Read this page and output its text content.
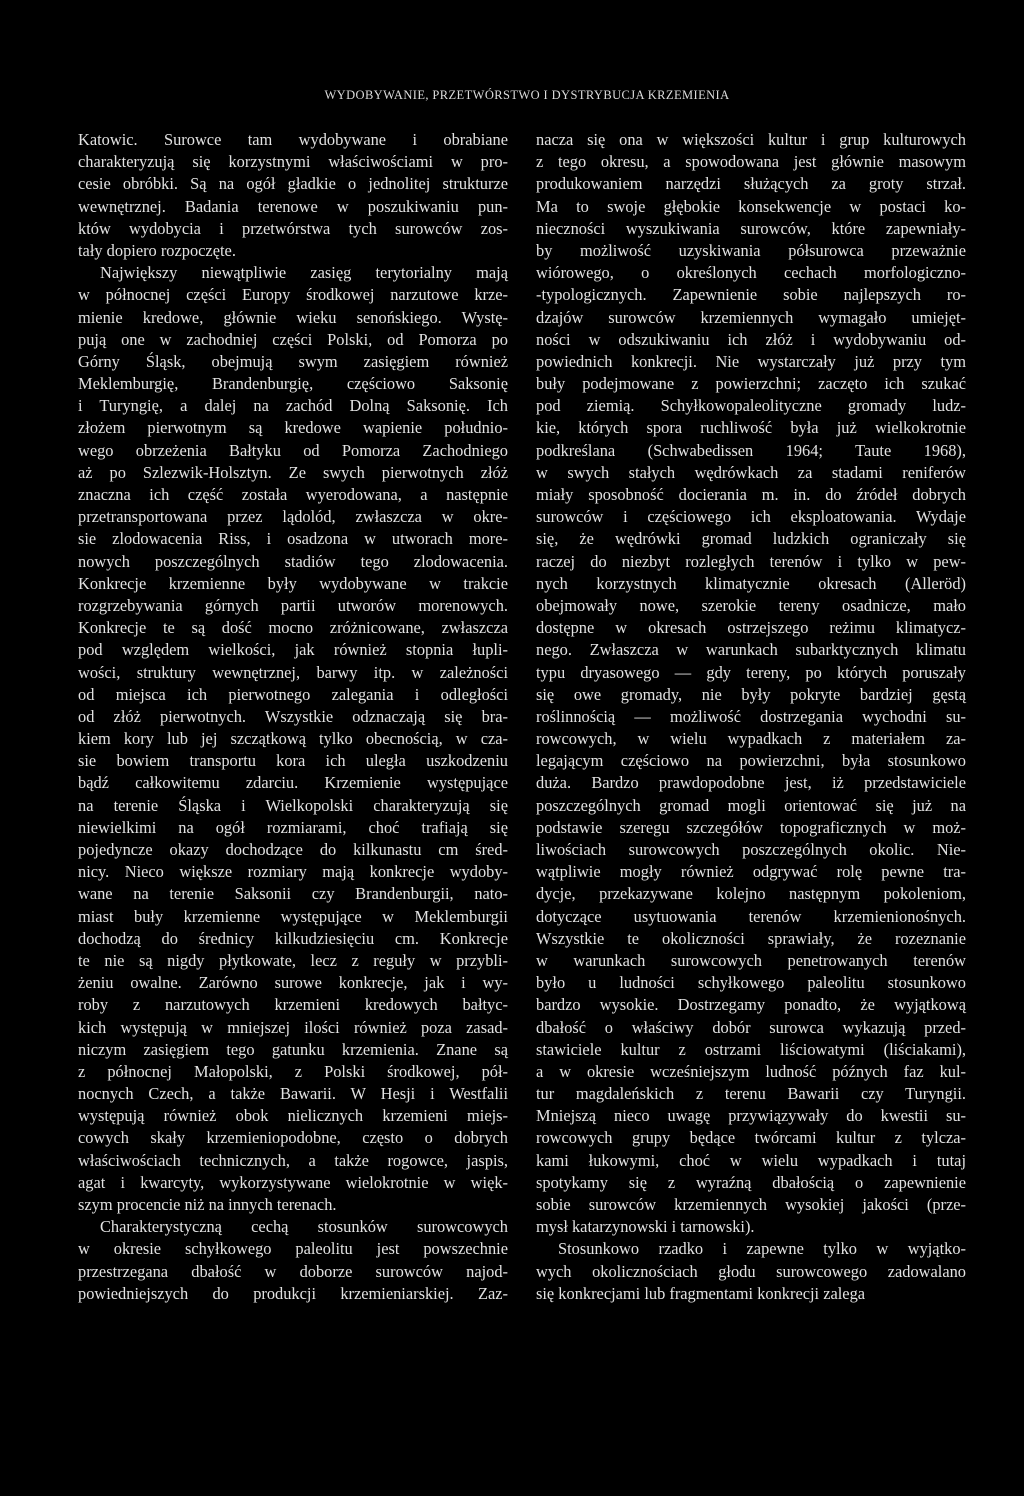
WYDOBYWANIE, PRZETWÓRSTWO I DYSTRYBUCJA KRZEMIENIA
Katowic. Surowce tam wydobywane i obrabiane
charakteryzują się korzystnymi właściwościami w pro-
cesie obróbki. Są na ogół gładkie o jednolitej strukturze
wewnętrznej. Badania terenowe w poszukiwaniu pun-
któw wydobycia i przetwórstwa tych surowców zos-
tały dopiero rozpoczęte.
Największy niewątpliwie zasięg terytorialny mają
w północnej części Europy środkowej narzutowe krze-
mienie kredowe, głównie wieku senońskiego. Wystę-
pują one w zachodniej części Polski, od Pomorza po
Górny Śląsk, obejmują swym zasięgiem również
Meklemburgię, Brandenburgię, częściowo Saksonię
i Turyngię, a dalej na zachód Dolną Saksonię. Ich
złożem pierwotnym są kredowe wapienie południo-
wego obrzeżenia Bałtyku od Pomorza Zachodniego
aż po Szlezwik-Holsztyn. Ze swych pierwotnych złóż
znaczna ich część została wyerodowana, a następnie
przetransportowana przez lądolód, zwłaszcza w okre-
sie zlodowacenia Riss, i osadzona w utworach more-
nowych poszczególnych stadiów tego zlodowacenia.
Konkrecje krzemienne były wydobywane w trakcie
rozgrzebywania górnych partii utworów morenowych.
Konkrecje te są dość mocno zróżnicowane, zwłaszcza
pod względem wielkości, jak również stopnia łupli-
wości, struktury wewnętrznej, barwy itp. w zależności
od miejsca ich pierwotnego zalegania i odległości
od złóż pierwotnych. Wszystkie odznaczają się bra-
kiem kory lub jej szczątkową tylko obecnością, w cza-
sie bowiem transportu kora ich uległa uszkodzeniu
bądź całkowitemu zdarciu. Krzemienie występujące
na terenie Śląska i Wielkopolski charakteryzują się
niewielkimi na ogół rozmiarami, choć trafiają się
pojedyncze okazy dochodzące do kilkunastu cm śred-
nicy. Nieco większe rozmiary mają konkrecje wydoby-
wane na terenie Saksonii czy Brandenburgii, nato-
miast buły krzemienne występujące w Meklemburgii
dochodzą do średnicy kilkudziesięciu cm. Konkrecje
te nie są nigdy płytkowate, lecz z reguły w przybli-
żeniu owalne. Zarówno surowe konkrecje, jak i wy-
roby z narzutowych krzemieni kredowych bałtyc-
kich występują w mniejszej ilości również poza zasad-
niczym zasięgiem tego gatunku krzemienia. Znane są
z północnej Małopolski, z Polski środkowej, pół-
nocnych Czech, a także Bawarii. W Hesji i Westfalii
występują również obok nielicznych krzemieni miejs-
cowych skały krzemieniopodobne, często o dobrych
właściwościach technicznych, a także rogowce, jaspis,
agat i kwarcyty, wykorzystywane wielokrotnie w więk-
szym procencie niż na innych terenach.
Charakterystyczną cechą stosunków surowcowych
w okresie schyłkowego paleolitu jest powszechnie
przestrzegana dbałość w doborze surowców najod-
powiedniejszych do produkcji krzemieniarskiej. Zaz-
nacza się ona w większości kultur i grup kulturowych
z tego okresu, a spowodowana jest głównie masowym
produkowaniem narzędzi służących za groty strzał.
Ma to swoje głębokie konsekwencje w postaci ko-
nieczności wyszukiwania surowców, które zapewniały-
by możliwość uzyskiwania półsurowca przeważnie
wiórowego, o określonych cechach morfologiczno-
-typologicznych. Zapewnienie sobie najlepszych ro-
dzajów surowców krzemiennych wymagało umiejęt-
ności w odszukiwaniu ich złóż i wydobywaniu od-
powiednich konkrecji. Nie wystarczały już przy tym
buły podejmowane z powierzchni; zaczęto ich szukać
pod ziemią. Schyłkowopaleolityczne gromady ludz-
kie, których spora ruchliwość była już wielkokrotnie
podkreślana (Schwabedissen 1964; Taute 1968),
w swych stałych wędrówkach za stadami reniferów
miały sposobność docierania m. in. do źródeł dobrych
surowców i częściowego ich eksploatowania. Wydaje
się, że wędrówki gromad ludzkich ograniczały się
raczej do niezbyt rozległych terenów i tylko w pew-
nych korzystnych klimatycznie okresach (Alleröd)
obejmowały nowe, szerokie tereny osadnicze, mało
dostępne w okresach ostrzejszego reżimu klimatycz-
nego. Zwłaszcza w warunkach subarktycznych klimatu
typu dryasowego — gdy tereny, po których poruszały
się owe gromady, nie były pokryte bardziej gęstą
roślinnością — możliwość dostrzegania wychodni su-
rowcowych, w wielu wypadkach z materiałem za-
legającym częściowo na powierzchni, była stosunkowo
duża. Bardzo prawdopodobne jest, iż przedstawiciele
poszczególnych gromad mogli orientować się już na
podstawie szeregu szczegółów topograficznych w moż-
liwościach surowcowych poszczególnych okolic. Nie-
wątpliwie mogły również odgrywać rolę pewne tra-
dycje, przekazywane kolejno następnym pokoleniom,
dotyczące usytuowania terenów krzemienionośnych.
Wszystkie te okoliczności sprawiały, że rozeznanie
w warunkach surowcowych penetrowanych terenów
było u ludności schyłkowego paleolitu stosunkowo
bardzo wysokie. Dostrzegamy ponadto, że wyjątkową
dbałość o właściwy dobór surowca wykazują przed-
stawiciele kultur z ostrzami liściowatymi (liściakami),
a w okresie wcześniejszym ludność późnych faz kul-
tur magdaleńskich z terenu Bawarii czy Turyngii.
Mniejszą nieco uwagę przywiązywały do kwestii su-
rowcowych grupy będące twórcami kultur z tylcza-
kami łukowymi, choć w wielu wypadkach i tutaj
spotykamy się z wyraźną dbałością o zapewnienie
sobie surowców krzemiennych wysokiej jakości (prze-
mysł katarzynowski i tarnowski).
Stosunkowo rzadko i zapewne tylko w wyjątko-
wych okolicznościach głodu surowcowego zadowalano
się konkrecjami lub fragmentami konkrecji zalega
